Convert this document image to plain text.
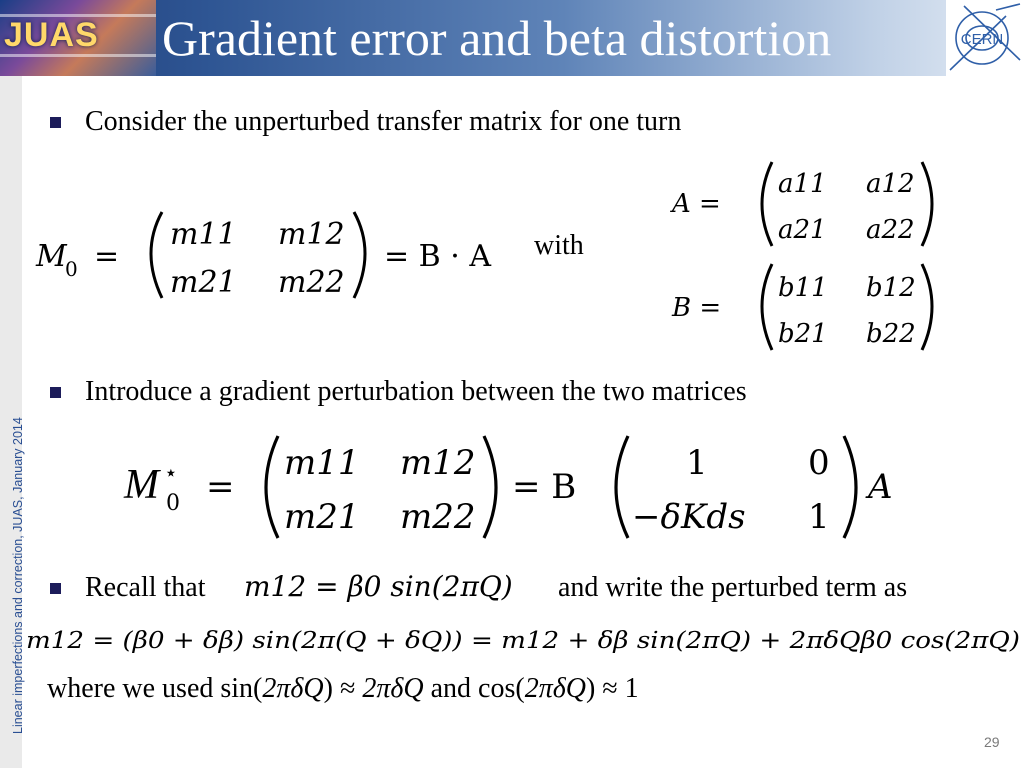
JUAS Gradient error and beta distortion	CERN
Linear imperfections and correction, JUAS, January 2014
Consider the unperturbed transfer matrix for one turn
M
0 =
m11 m12
m21 m22
= B · A with
A =
a11 a12
a21 a22
B =
b11 b12
b21 b22
Introduce a gradient perturbation between the two matrices
M ⋆
0 =
m11 m12
m21 m22
= B
1	0
−δKds 1
A
Recall that m12 = β0 sin(2πQ) and write the perturbed term as
m12 = (β0 + δβ) sin(2π(Q + δQ)) = m12 + δβ sin(2πQ) + 2πδQβ0 cos(2πQ)
where we used sin(2πδQ) ≈ 2πδQ and cos(2πδQ) ≈ 1
29
